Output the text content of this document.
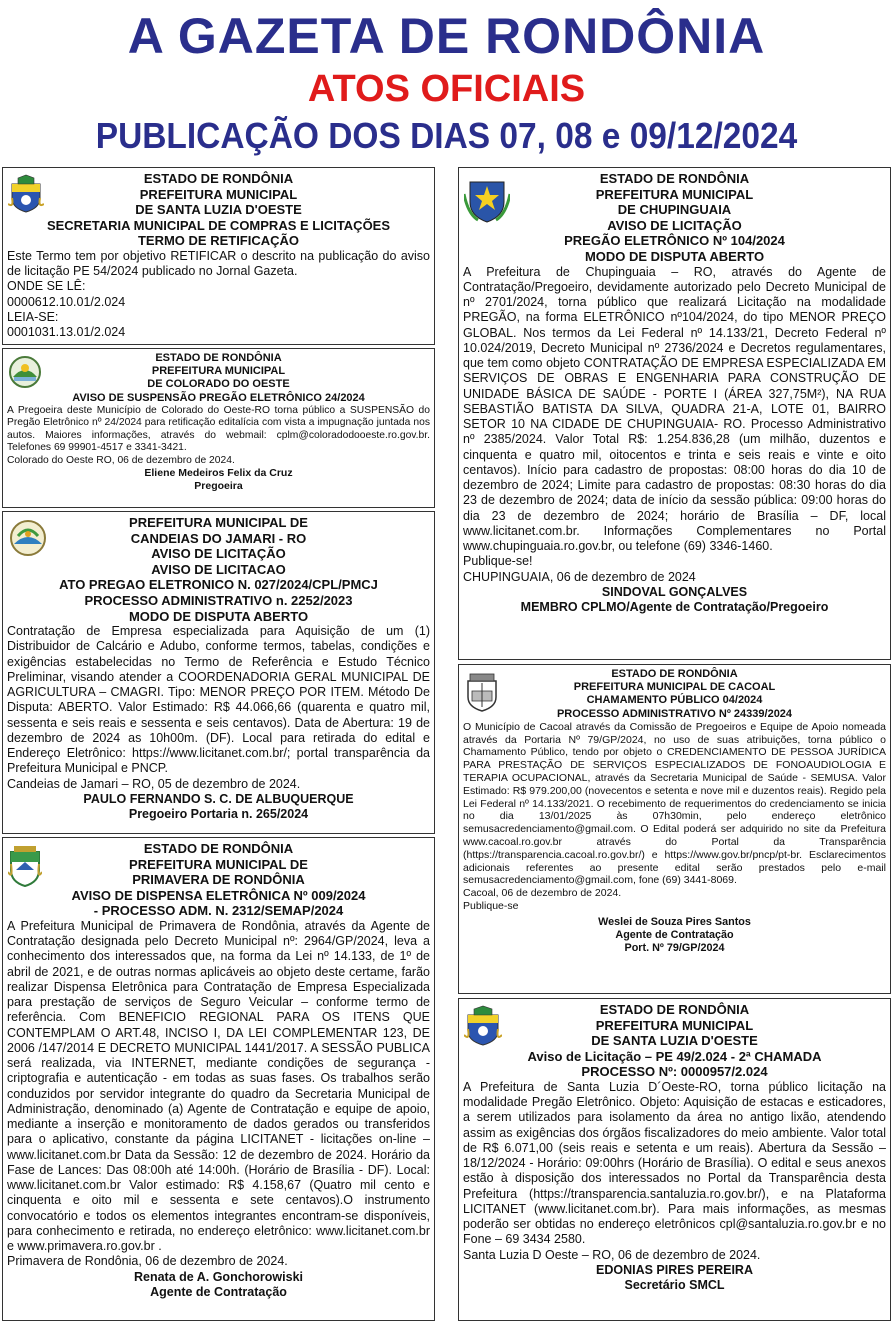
A GAZETA DE RONDÔNIA
ATOS OFICIAIS
PUBLICAÇÃO DOS DIAS 07, 08 e 09/12/2024
ESTADO DE RONDÔNIA
PREFEITURA MUNICIPAL
DE SANTA LUZIA D'OESTE
SECRETARIA MUNICIPAL DE COMPRAS E LICITAÇÕES
TERMO DE RETIFICAÇÃO
Este Termo tem por objetivo RETIFICAR o descrito na publicação do aviso de licitação PE 54/2024 publicado no Jornal Gazeta.
ONDE SE LÊ:
0000612.10.01/2.024
LEIA-SE:
0001031.13.01/2.024
ESTADO DE RONDÔNIA
PREFEITURA MUNICIPAL
DE COLORADO DO OESTE
AVISO DE SUSPENSÃO PREGÃO ELETRÔNICO 24/2024
A Pregoeira deste Município de Colorado do Oeste-RO torna público a SUSPENSÃO do Pregão Eletrônico nº 24/2024 para retificação editalícia com vista a impugnação juntada nos autos. Maiores informações, através do webmail: cplm@coloradodooeste.ro.gov.br. Telefones 69 99901-4517 e 3341-3421.
Colorado do Oeste RO, 06 de dezembro de 2024.
Eliene Medeiros Felix da Cruz
Pregoeira
PREFEITURA MUNICIPAL DE
CANDEIAS DO JAMARI - RO
AVISO DE LICITAÇÃO
AVISO DE LICITACAO
ATO PREGAO ELETRONICO N. 027/2024/CPL/PMCJ
PROCESSO ADMINISTRATIVO n. 2252/2023
MODO DE DISPUTA ABERTO
Contratação de Empresa especializada para Aquisição de um (1) Distribuidor de Calcário e Adubo, conforme termos, tabelas, condições e exigências estabelecidas no Termo de Referência e Estudo Técnico Preliminar, visando atender a COORDENADORIA GERAL MUNICIPAL DE AGRICULTURA – CMAGRI. Tipo: MENOR PREÇO POR ITEM. Método De Disputa: ABERTO. Valor Estimado: R$ 44.066,66 (quarenta e quatro mil, sessenta e seis reais e sessenta e seis centavos). Data de Abertura: 19 de dezembro de 2024 as 10h00m. (DF). Local para retirada do edital e Endereço Eletrônico: https://www.licitanet.com.br/; portal transparência da Prefeitura Municipal e PNCP.
Candeias de Jamari – RO, 05 de dezembro de 2024.
PAULO FERNANDO S. C. DE ALBUQUERQUE
Pregoeiro Portaria n. 265/2024
ESTADO DE RONDÔNIA
PREFEITURA MUNICIPAL DE
PRIMAVERA DE RONDÔNIA
AVISO DE DISPENSA ELETRÔNICA Nº 009/2024
- PROCESSO ADM. N. 2312/SEMAP/2024
A Prefeitura Municipal de Primavera de Rondônia, através da Agente de Contratação designada pelo Decreto Municipal nº: 2964/GP/2024, leva a conhecimento dos interessados que, na forma da Lei nº 14.133, de 1º de abril de 2021, e de outras normas aplicáveis ao objeto deste certame, farão realizar Dispensa Eletrônica para Contratação de Empresa Especializada para prestação de serviços de Seguro Veicular – conforme termo de referência. Com BENEFICIO REGIONAL PARA OS ITENS QUE CONTEMPLAM O ART.48, INCISO I, DA LEI COMPLEMENTAR 123, DE 2006 /147/2014 E DECRETO MUNICIPAL 1441/2017. A SESSÃO PUBLICA será realizada, via INTERNET, mediante condições de segurança - criptografia e autenticação - em todas as suas fases. Os trabalhos serão conduzidos por servidor integrante do quadro da Secretaria Municipal de Administração, denominado (a) Agente de Contratação e equipe de apoio, mediante a inserção e monitoramento de dados gerados ou transferidos para o aplicativo, constante da página LICITANET - licitações on-line – www.licitanet.com.br Data da Sessão: 12 de dezembro de 2024. Horário da Fase de Lances: Das 08:00h até 14:00h. (Horário de Brasília - DF). Local: www.licitanet.com.br Valor estimado: R$ 4.158,67 (Quatro mil cento e cinquenta e oito mil e sessenta e sete centavos).O instrumento convocatório e todos os elementos integrantes encontram-se disponíveis, para conhecimento e retirada, no endereço eletrônico: www.licitanet.com.br e www.primavera.ro.gov.br .
Primavera de Rondônia, 06 de dezembro de 2024.
Renata de A. Gonchorowiski
Agente de Contratação
ESTADO DE RONDÔNIA
PREFEITURA MUNICIPAL
DE CHUPINGUAIA
AVISO DE LICITAÇÃO
PREGÃO ELETRÔNICO Nº 104/2024
MODO DE DISPUTA ABERTO
A Prefeitura de Chupinguaia – RO, através do Agente de Contratação/Pregoeiro, devidamente autorizado pelo Decreto Municipal de nº 2701/2024, torna público que realizará Licitação na modalidade PREGÃO, na forma ELETRÔNICO nº104/2024, do tipo MENOR PREÇO GLOBAL. Nos termos da Lei Federal nº 14.133/21, Decreto Federal nº 10.024/2019, Decreto Municipal nº 2736/2024 e Decretos regulamentares, que tem como objeto CONTRATAÇÃO DE EMPRESA ESPECIALIZADA EM SERVIÇOS DE OBRAS E ENGENHARIA PARA CONSTRUÇÃO DE UNIDADE BÁSICA DE SAÚDE - PORTE I (ÁREA 327,75M²), NA RUA SEBASTIÃO BATISTA DA SILVA, QUADRA 21-A, LOTE 01, BAIRRO SETOR 10 NA CIDADE DE CHUPINGUAIA- RO. Processo Administrativo nº 2385/2024. Valor Total R$: 1.254.836,28 (um milhão, duzentos e cinquenta e quatro mil, oitocentos e trinta e seis reais e vinte e oito centavos). Início para cadastro de propostas: 08:00 horas do dia 10 de dezembro de 2024; Limite para cadastro de propostas: 08:30 horas do dia 23 de dezembro de 2024; data de início da sessão pública: 09:00 horas do dia 23 de dezembro de 2024; horário de Brasília – DF, local www.licitanet.com.br. Informações Complementares no Portal www.chupinguaia.ro.gov.br, ou telefone (69) 3346-1460.
Publique-se!
CHUPINGUAIA, 06 de dezembro de 2024
SINDOVAL GONÇALVES
MEMBRO CPLMO/Agente de Contratação/Pregoeiro
ESTADO DE RONDÔNIA
PREFEITURA MUNICIPAL DE CACOAL
CHAMAMENTO PÚBLICO 04/2024
PROCESSO ADMINISTRATIVO Nº 24339/2024
O Município de Cacoal através da Comissão de Pregoeiros e Equipe de Apoio nomeada através da Portaria Nº 79/GP/2024, no uso de suas atribuições, torna público o Chamamento Público, tendo por objeto o CREDENCIAMENTO DE PESSOA JURÍDICA PARA PRESTAÇÃO DE SERVIÇOS ESPECIALIZADOS DE FONOAUDIOLOGIA E TERAPIA OCUPACIONAL, através da Secretaria Municipal de Saúde - SEMUSA. Valor Estimado: R$ 979.200,00 (novecentos e setenta e nove mil e duzentos reais). Regido pela Lei Federal nº 14.133/2021. O recebimento de requerimentos do credenciamento se inicia no dia 13/01/2025 às 07h30min, pelo endereço eletrônico semusacredenciamento@gmail.com. O Edital poderá ser adquirido no site da Prefeitura www.cacoal.ro.gov.br através do Portal da Transparência (https://transparencia.cacoal.ro.gov.br/) e https://www.gov.br/pncp/pt-br. Esclarecimentos adicionais referentes ao presente edital serão prestados pelo e-mail semusacredenciamento@gmail.com, fone (69) 3441-8069.
Cacoal, 06 de dezembro de 2024.
Publique-se
Weslei de Souza Pires Santos
Agente de Contratação
Port. Nº 79/GP/2024
ESTADO DE RONDÔNIA
PREFEITURA MUNICIPAL
DE SANTA LUZIA D'OESTE
Aviso de Licitação – PE 49/2.024 - 2ª CHAMADA
PROCESSO Nº: 0000957/2.024
A Prefeitura de Santa Luzia D´Oeste-RO, torna público licitação na modalidade Pregão Eletrônico. Objeto: Aquisição de estacas e esticadores, a serem utilizados para isolamento da área no antigo lixão, atendendo assim as exigências dos órgãos fiscalizadores do meio ambiente. Valor total de R$ 6.071,00 (seis reais e setenta e um reais). Abertura da Sessão – 18/12/2024 - Horário: 09:00hrs (Horário de Brasília). O edital e seus anexos estão à disposição dos interessados no Portal da Transparência desta Prefeitura (https://transparencia.santaluzia.ro.gov.br/), e na Plataforma LICITANET (www.licitanet.com.br). Para mais informações, as mesmas poderão ser obtidas no endereço eletrônicos cpl@santaluzia.ro.gov.br e no Fone – 69 3434 2580.
Santa Luzia D Oeste – RO, 06 de dezembro de 2024.
EDONIAS PIRES PEREIRA
Secretário SMCL
